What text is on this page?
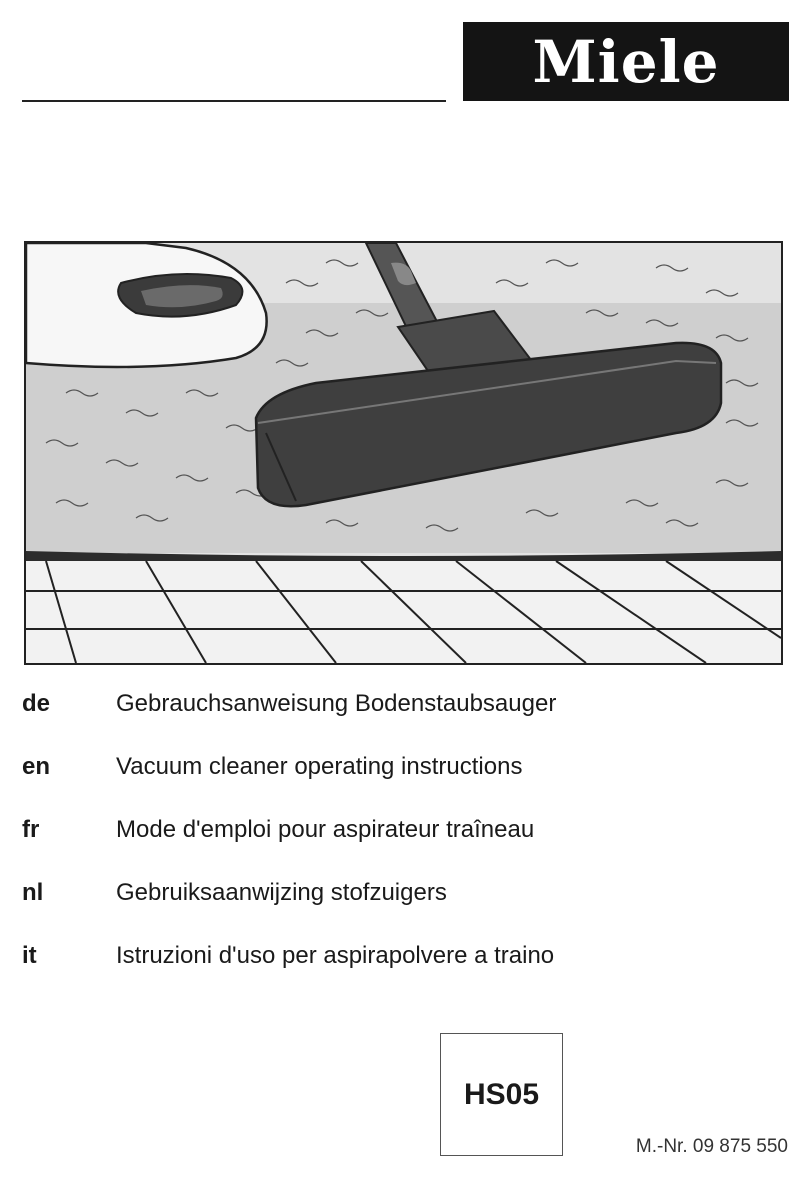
Miele
de	Gebrauchsanweisung Bodenstaubsauger
en	Vacuum cleaner operating instructions
fr	Mode d'emploi pour aspirateur traîneau
nl	Gebruiksaanwijzing stofzuigers
it	Istruzioni d'uso per aspirapolvere a traino
HS05
M.-Nr. 09 875 550
